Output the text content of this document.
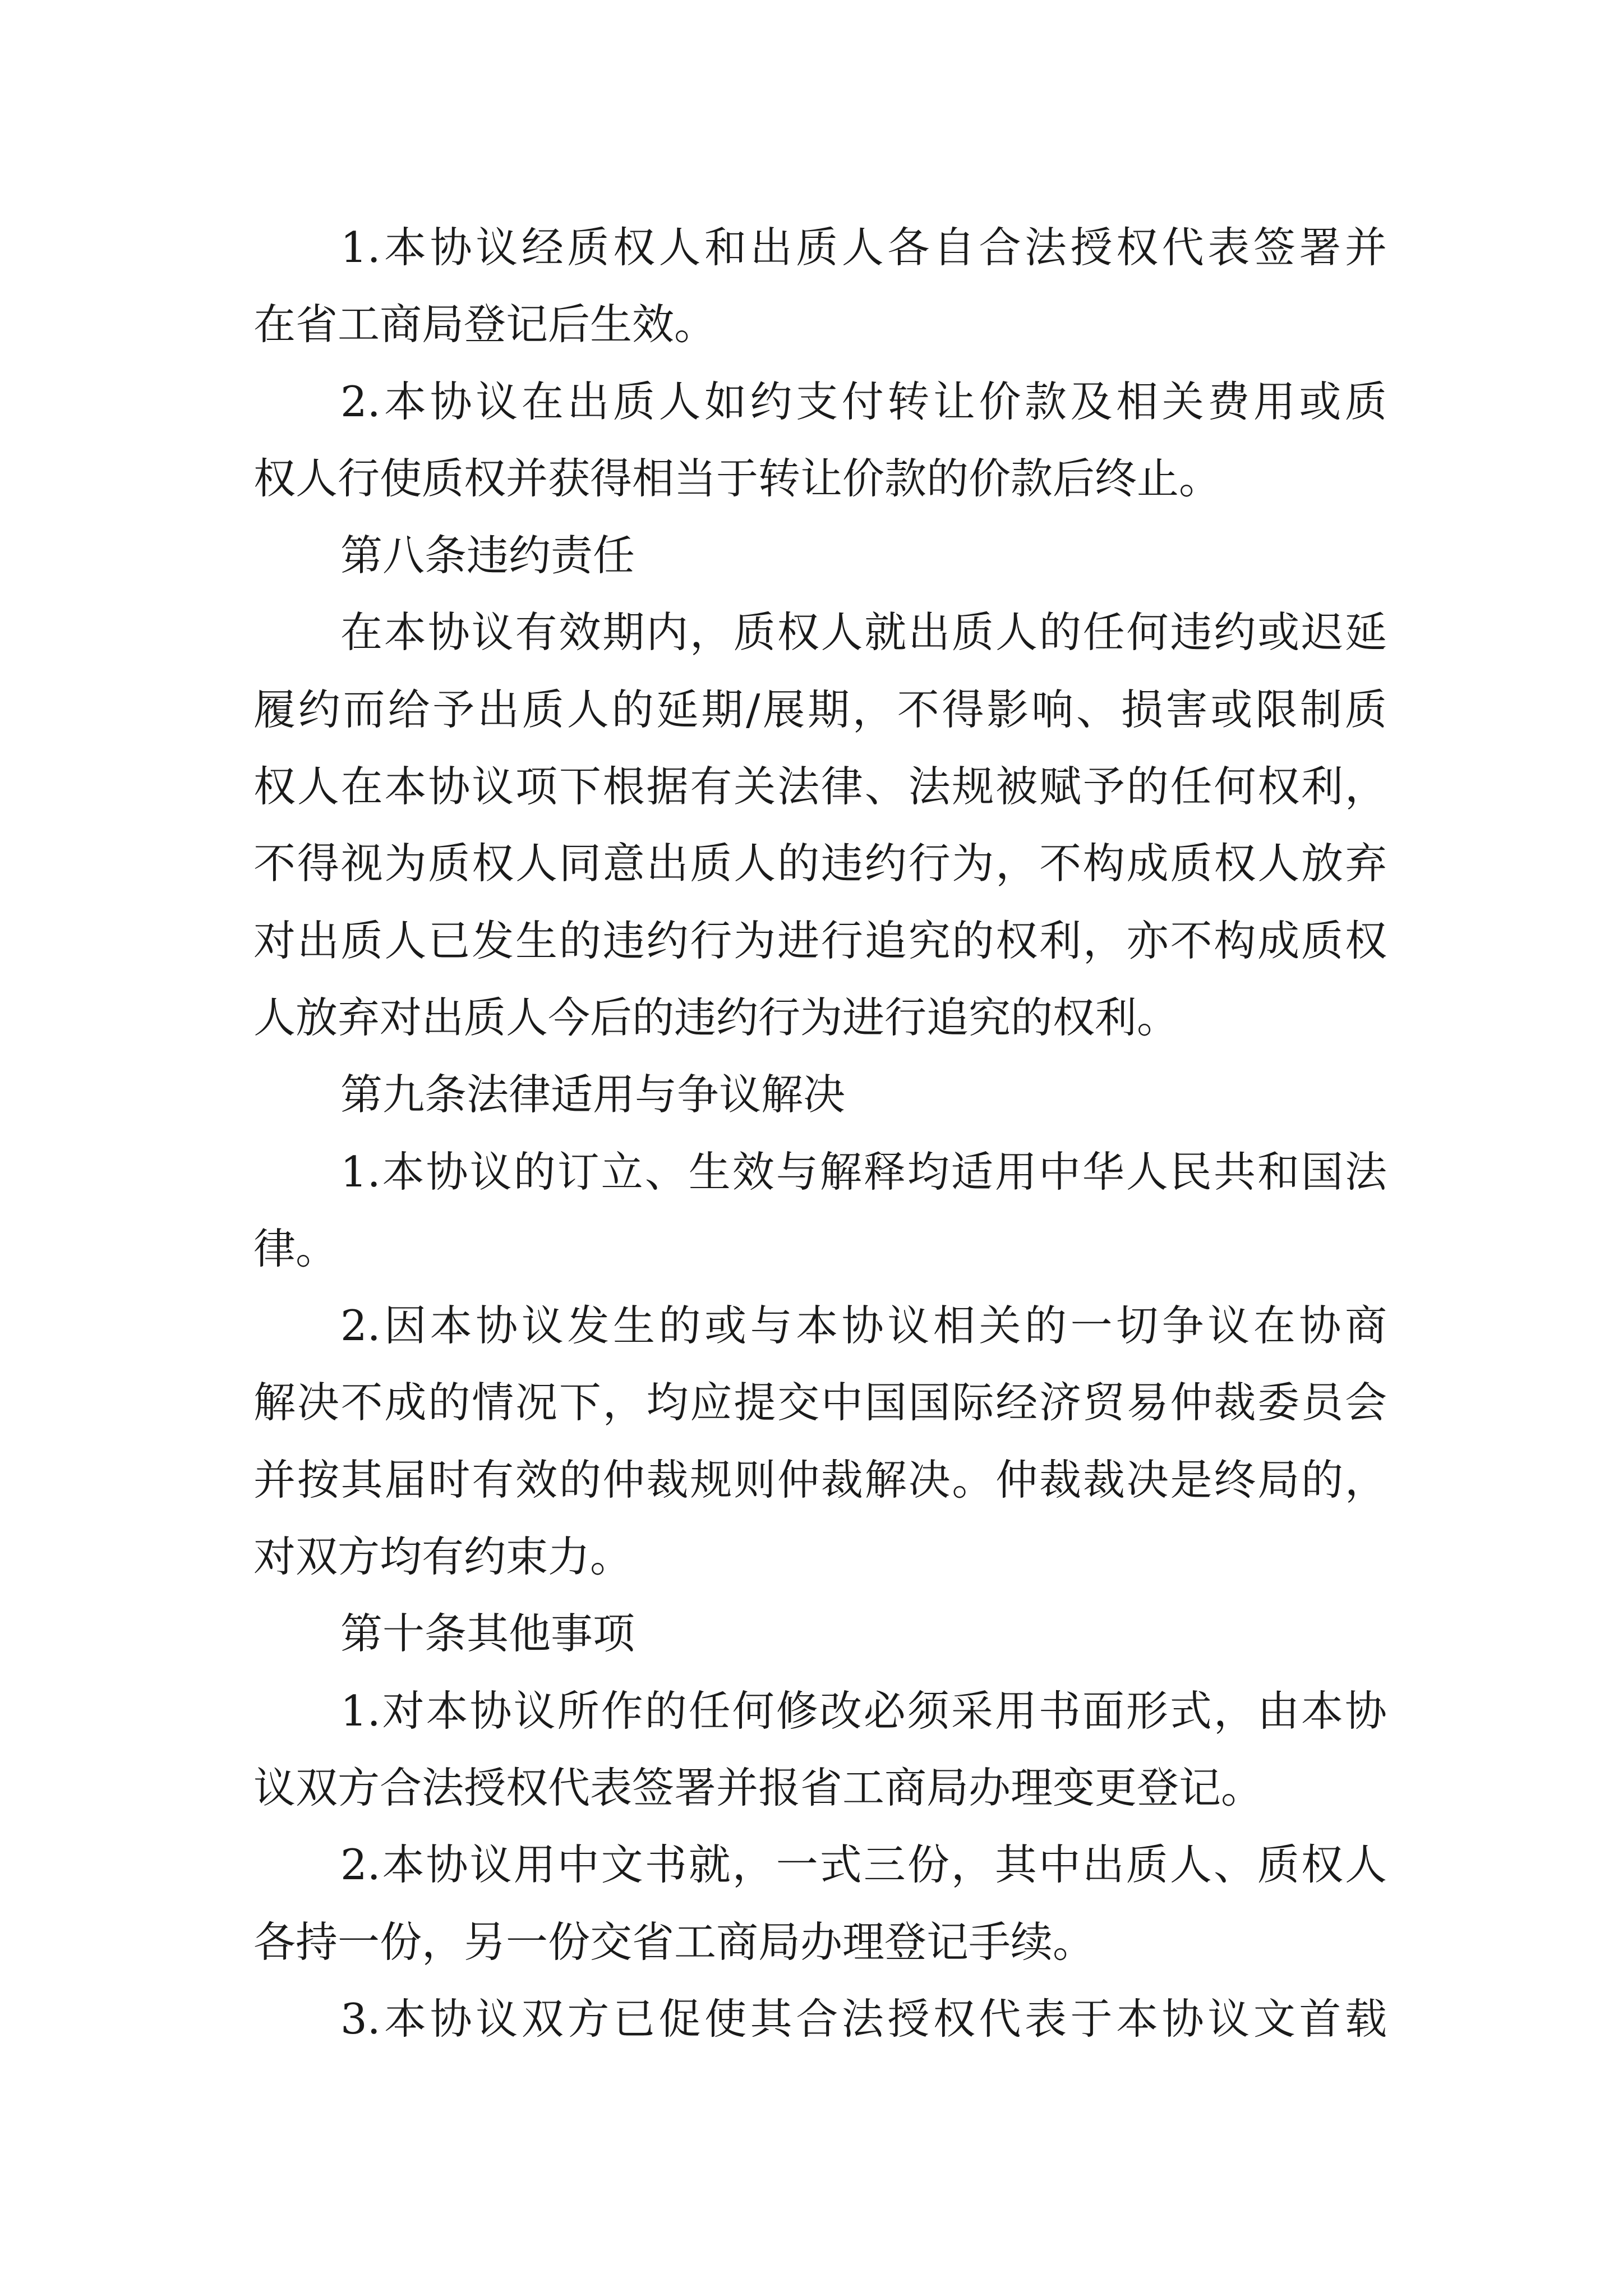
1.本协议经质权人和出质人各自合法授权代表签署并
在省工商局登记后生效。
2.本协议在出质人如约支付转让价款及相关费用或质
权人行使质权并获得相当于转让价款的价款后终止。
第八条违约责任
在本协议有效期内，质权人就出质人的任何违约或迟延
履约而给予出质人的延期/展期，不得影响、损害或限制质
权人在本协议项下根据有关法律、法规被赋予的任何权利，
不得视为质权人同意出质人的违约行为，不构成质权人放弃
对出质人已发生的违约行为进行追究的权利，亦不构成质权
人放弃对出质人今后的违约行为进行追究的权利。
第九条法律适用与争议解决
1.本协议的订立、生效与解释均适用中华人民共和国法
律。
2.因本协议发生的或与本协议相关的一切争议在协商
解决不成的情况下，均应提交中国国际经济贸易仲裁委员会
并按其届时有效的仲裁规则仲裁解决。仲裁裁决是终局的，
对双方均有约束力。
第十条其他事项
1.对本协议所作的任何修改必须采用书面形式，由本协
议双方合法授权代表签署并报省工商局办理变更登记。
2.本协议用中文书就，一式三份，其中出质人、质权人
各持一份，另一份交省工商局办理登记手续。
3.本协议双方已促使其合法授权代表于本协议文首载
